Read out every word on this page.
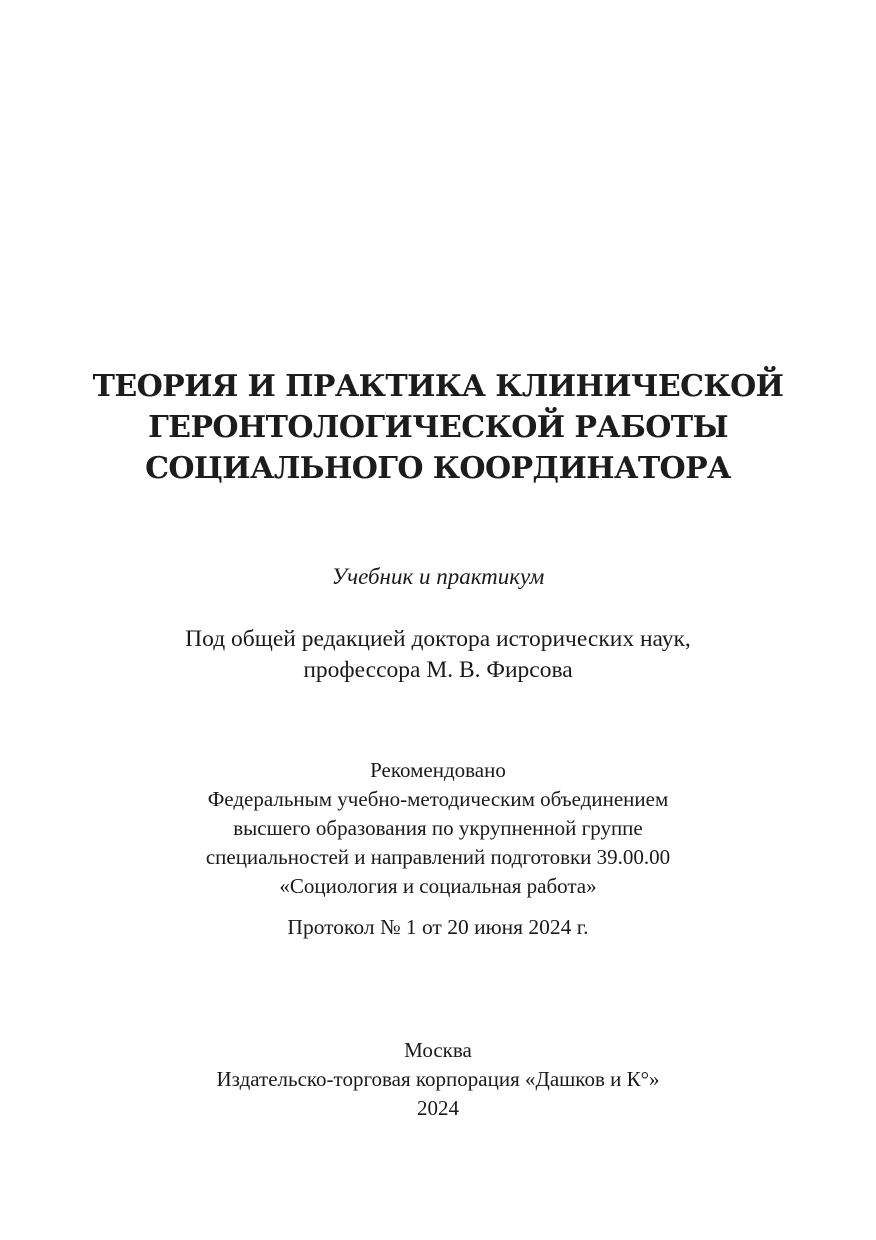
ТЕОРИЯ И ПРАКТИКА КЛИНИЧЕСКОЙ
ГЕРОНТОЛОГИЧЕСКОЙ РАБОТЫ
СОЦИАЛЬНОГО КООРДИНАТОРА
Учебник и практикум
Под общей редакцией доктора исторических наук,
профессора М. В. Фирсова
Рекомендовано
Федеральным учебно-методическим объединением
высшего образования по укрупненной группе
специальностей и направлений подготовки 39.00.00
«Социология и социальная работа»
Протокол № 1 от 20 июня 2024 г.
Москва
Издательско-торговая корпорация «Дашков и К°»
2024
